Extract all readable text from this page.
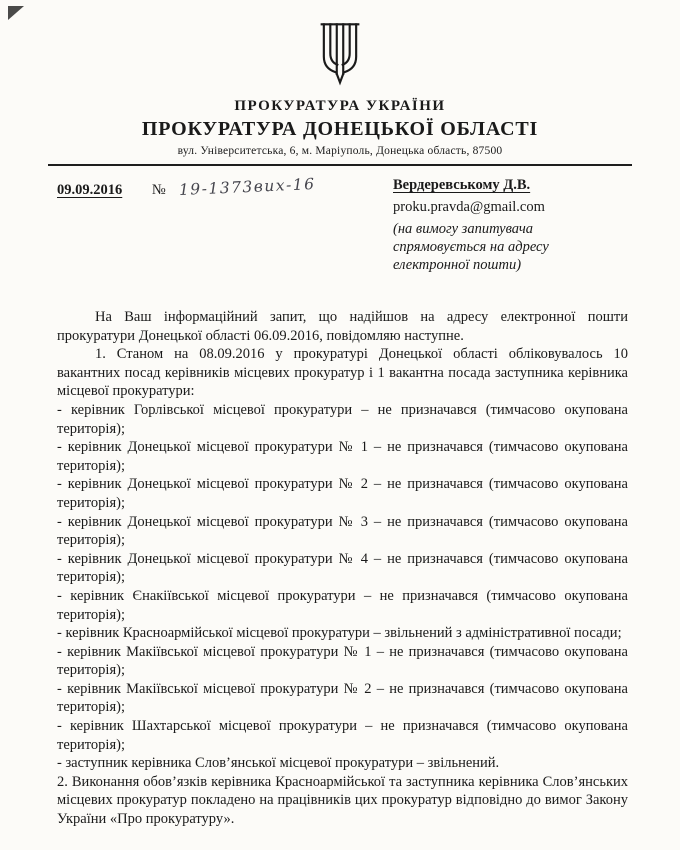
ПРОКУРАТУРА УКРАЇНИ
ПРОКУРАТУРА ДОНЕЦЬКОЇ ОБЛАСТІ
вул. Університетська, 6, м. Маріуполь, Донецька область, 87500
09.09.2016 № 19-1373вих-16	Вердеревському Д.В.
proku.pravda@gmail.com
(на вимогу запитувача
спрямовується на адресу
електронної пошти)

На Ваш інформаційний запит, що надійшов на адресу електронної пошти прокуратури Донецької області 06.09.2016, повідомляю наступне.

1. Станом на 08.09.2016 у прокуратурі Донецької області обліковувалось 10 вакантних посад керівників місцевих прокуратур і 1 вакантна посада заступника керівника місцевої прокуратури:

- керівник Горлівської місцевої прокуратури – не призначався (тимчасово окупована територія);

- керівник Донецької місцевої прокуратури № 1 – не призначався (тимчасово окупована територія);

- керівник Донецької місцевої прокуратури № 2 – не призначався (тимчасово окупована територія);

- керівник Донецької місцевої прокуратури № 3 – не призначався (тимчасово окупована територія);

- керівник Донецької місцевої прокуратури № 4 – не призначався (тимчасово окупована територія);

- керівник Єнакіївської місцевої прокуратури – не призначався (тимчасово окупована територія);

- керівник Красноармійської місцевої прокуратури – звільнений з адміністративної посади;

- керівник Макіївської місцевої прокуратури № 1 – не призначався (тимчасово окупована територія);

- керівник Макіївської місцевої прокуратури № 2 – не призначався (тимчасово окупована територія);

- керівник Шахтарської місцевої прокуратури – не призначався (тимчасово окупована територія);

- заступник керівника Слов’янської місцевої прокуратури – звільнений.

2. Виконання обов’язків керівника Красноармійської та заступника керівника Слов’янських місцевих прокуратур покладено на працівників цих прокуратур відповідно до вимог Закону України «Про прокуратуру».
